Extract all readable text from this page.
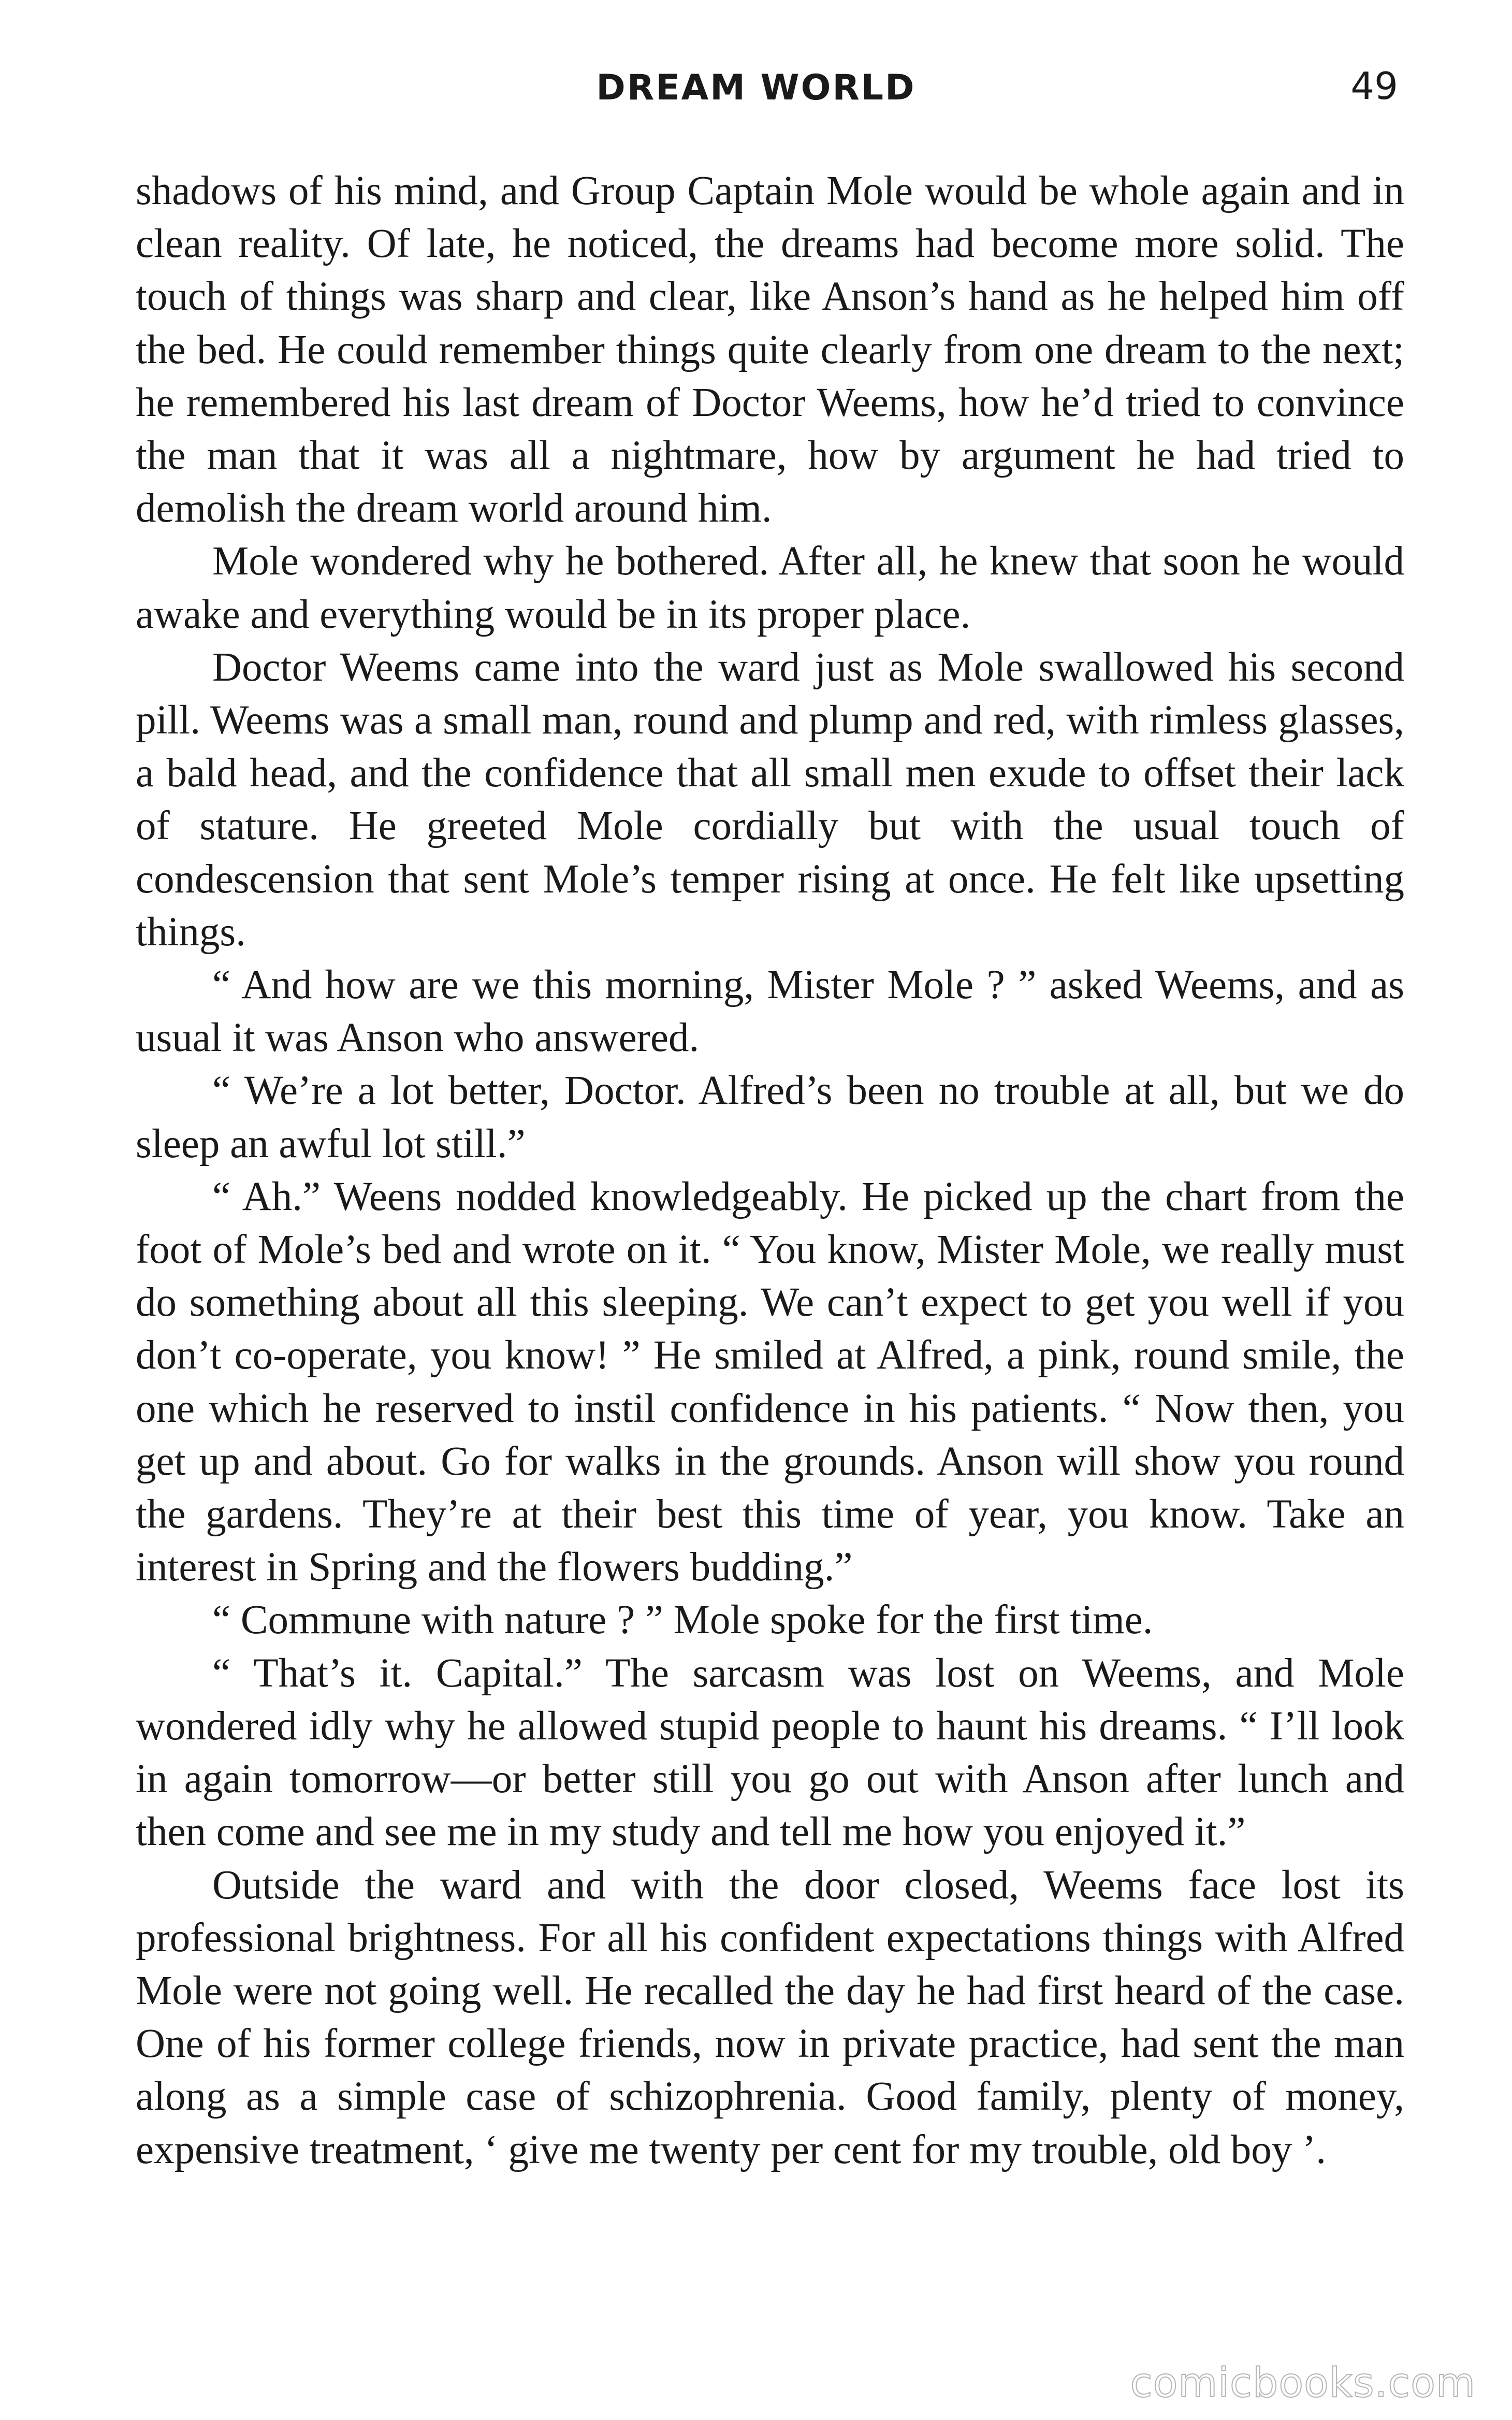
DREAM WORLD	49

shadows of his mind, and Group Captain Mole would be whole again and in clean reality. Of late, he noticed, the dreams had become more solid. The touch of things was sharp and clear, like Anson’s hand as he helped him off the bed. He could remember things quite clearly from one dream to the next; he remembered his last dream of Doctor Weems, how he’d tried to convince the man that it was all a nightmare, how by argument he had tried to demolish the dream world around him.

Mole wondered why he bothered. After all, he knew that soon he would awake and everything would be in its proper place.

Doctor Weems came into the ward just as Mole swallowed his second pill. Weems was a small man, round and plump and red, with rimless glasses, a bald head, and the confidence that all small men exude to offset their lack of stature. He greeted Mole cordially but with the usual touch of condescension that sent Mole’s temper rising at once. He felt like upsetting things.

“ And how are we this morning, Mister Mole ? ” asked Weems, and as usual it was Anson who answered.

“ We’re a lot better, Doctor. Alfred’s been no trouble at all, but we do sleep an awful lot still.”

“ Ah.” Weens nodded knowledgeably. He picked up the chart from the foot of Mole’s bed and wrote on it. “ You know, Mister Mole, we really must do something about all this sleeping. We can’t expect to get you well if you don’t co-operate, you know! ” He smiled at Alfred, a pink, round smile, the one which he reserved to instil confidence in his patients. “ Now then, you get up and about. Go for walks in the grounds. Anson will show you round the gardens. They’re at their best this time of year, you know. Take an interest in Spring and the flowers budding.”

“ Commune with nature ? ” Mole spoke for the first time.

“ That’s it. Capital.” The sarcasm was lost on Weems, and Mole wondered idly why he allowed stupid people to haunt his dreams. “ I’ll look in again tomorrow—or better still you go out with Anson after lunch and then come and see me in my study and tell me how you enjoyed it.”

Outside the ward and with the door closed, Weems face lost its professional brightness. For all his confident expectations things with Alfred Mole were not going well. He recalled the day he had first heard of the case. One of his former college friends, now in private practice, had sent the man along as a simple case of schizophrenia. Good family, plenty of money, expensive treatment, ‘ give me twenty per cent for my trouble, old boy ’.

comicbooks.com
